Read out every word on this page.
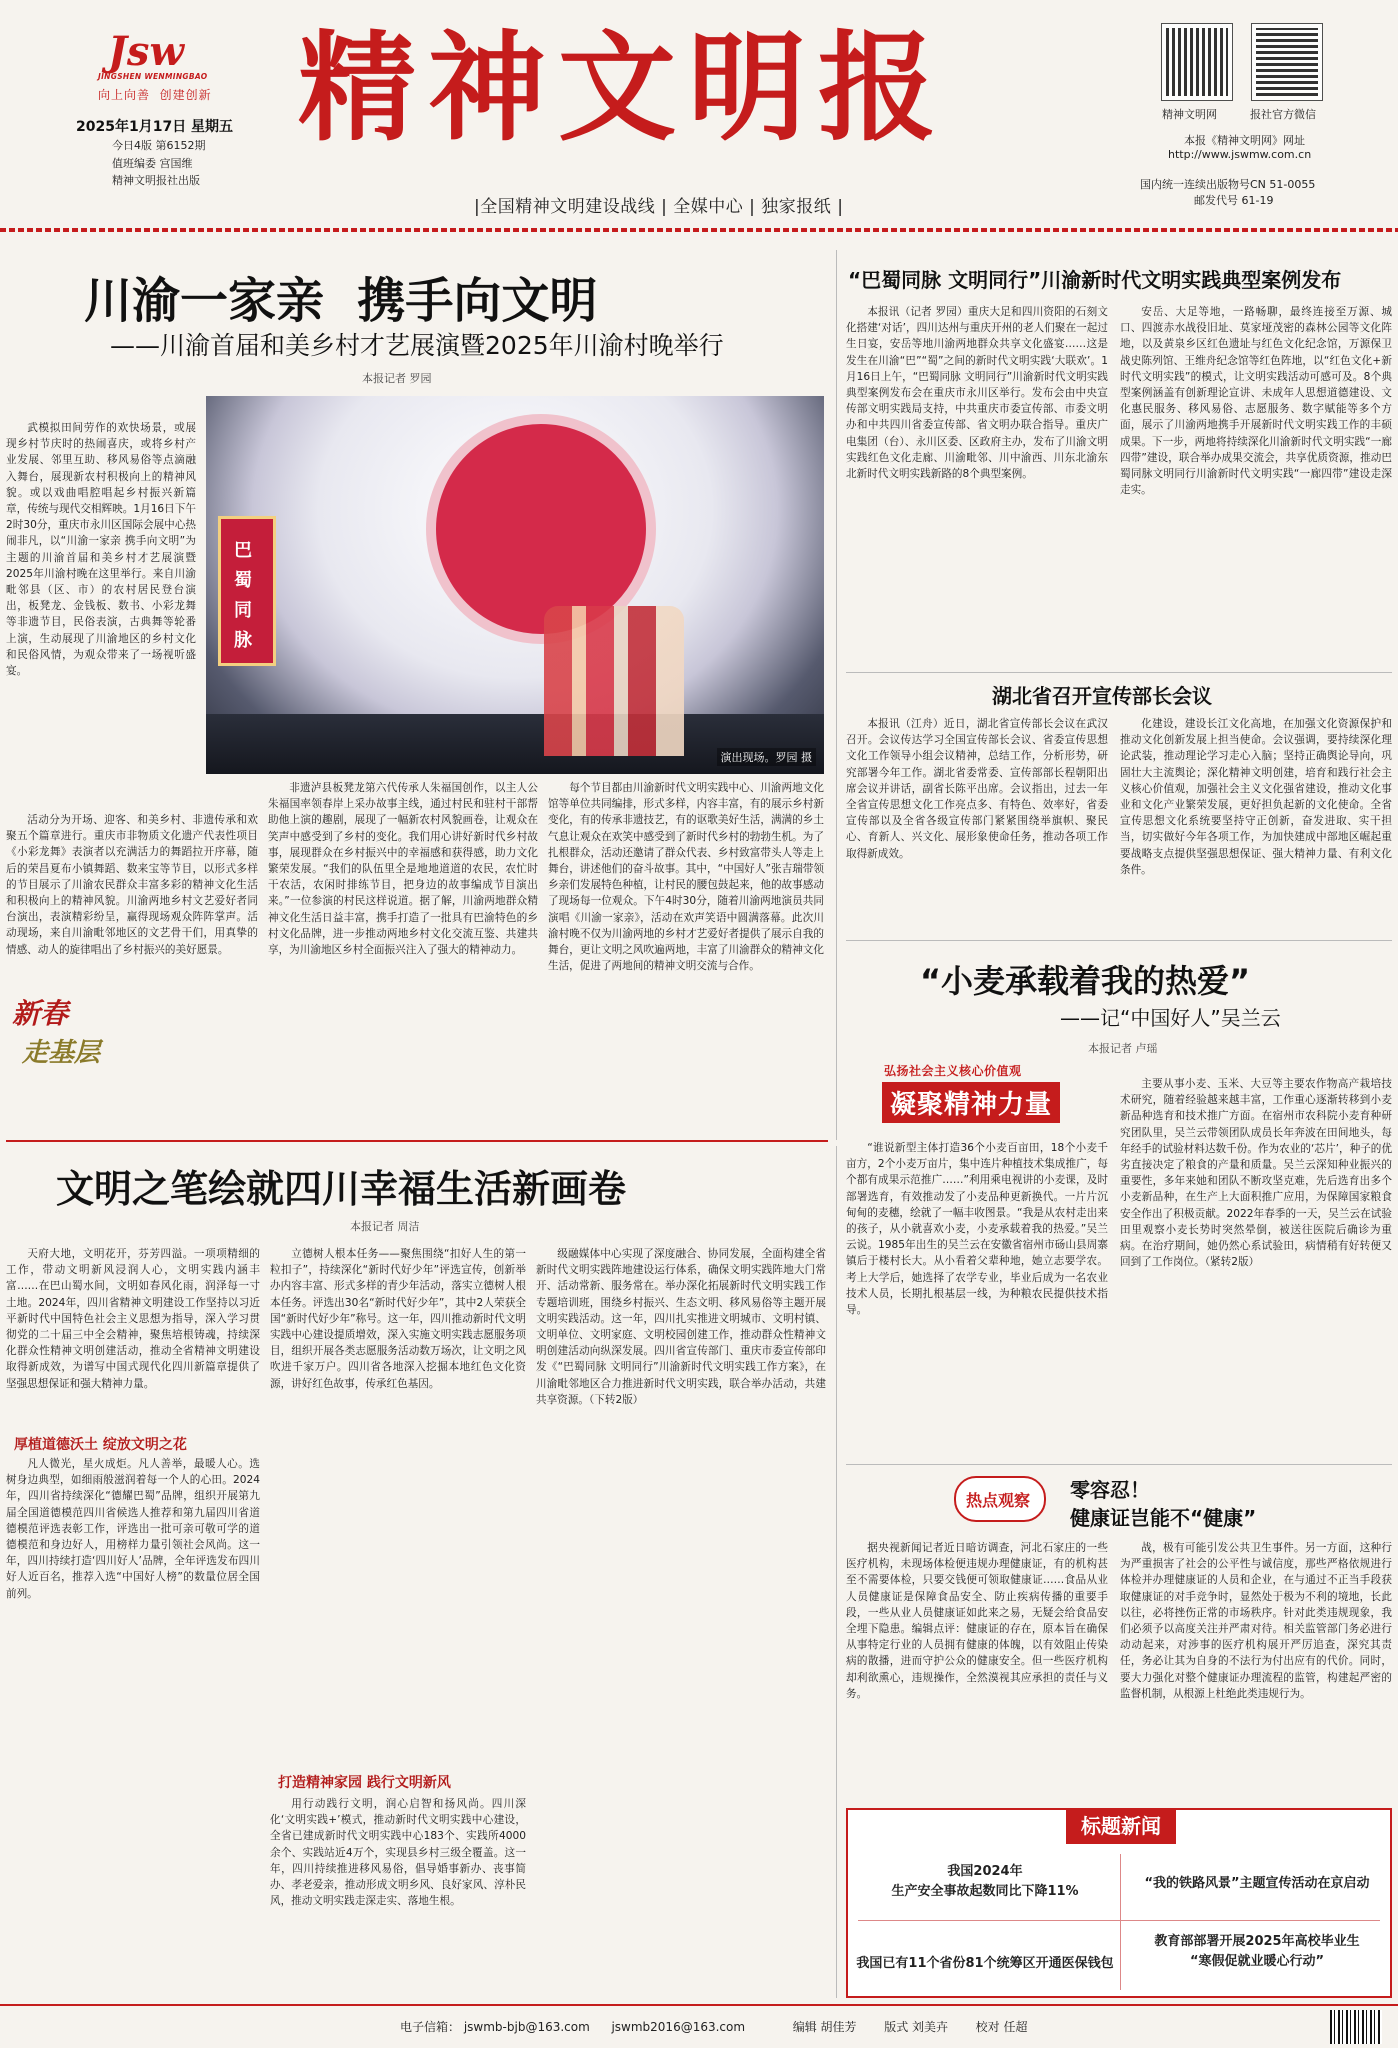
Jsw
JINGSHEN WENMINGBAO
向上向善  创建创新 精神文明报
2025年1月17日 星期五
今日4版 第6152期
值班编委 宫国维
精神文明报社出版
|全国精神文明建设战线 | 全媒中心 | 独家报纸 |
精神文明网	报社官方微信
本报《精神文明网》网址
http://www.jswmw.com.cn
国内统一连续出版物号CN 51-0055
邮发代号 61-19
川渝一家亲  携手向文明
——川渝首届和美乡村才艺展演暨2025年川渝村晚举行
本报记者 罗园

武模拟田间劳作的欢快场景，或展现乡村节庆时的热闹喜庆，或将乡村产业发展、邻里互助、移风易俗等点滴融入舞台，展现新农村积极向上的精神风貌。或以戏曲唱腔唱起乡村振兴新篇章，传统与现代交相辉映。1月16日下午2时30分，重庆市永川区国际会展中心热闹非凡，以“川渝一家亲 携手向文明”为主题的川渝首届和美乡村才艺展演暨2025年川渝村晚在这里举行。来自川渝毗邻县（区、市）的农村居民登台演出，板凳龙、金钱板、数书、小彩龙舞等非遗节目，民俗表演，古典舞等轮番上演，生动展现了川渝地区的乡村文化和民俗风情，为观众带来了一场视听盛宴。

巴蜀同脉
演出现场。罗园 摄

活动分为开场、迎客、和美乡村、非遗传承和欢聚五个篇章进行。重庆市非物质文化遗产代表性项目《小彩龙舞》表演者以充满活力的舞蹈拉开序幕，随后的荣昌夏布小镇舞蹈、数来宝等节目，以形式多样的节目展示了川渝农民群众丰富多彩的精神文化生活和积极向上的精神风貌。川渝两地乡村文艺爱好者同台演出，表演精彩纷呈，赢得现场观众阵阵掌声。活动现场，来自川渝毗邻地区的文艺骨干们，用真挚的情感、动人的旋律唱出了乡村振兴的美好愿景。

新春
走基层

非遗泸县板凳龙第六代传承人朱福国创作，以主人公朱福国率领春岸上采办故事主线，通过村民和驻村干部帮助他上演的趣剧，展现了一幅新农村风貌画卷，让观众在笑声中感受到了乡村的变化。我们用心讲好新时代乡村故事，展现群众在乡村振兴中的幸福感和获得感，助力文化繁荣发展。“我们的队伍里全是地地道道的农民，农忙时干农活，农闲时排练节目，把身边的故事编成节目演出来。”一位参演的村民这样说道。据了解，川渝两地群众精神文化生活日益丰富，携手打造了一批具有巴渝特色的乡村文化品牌，进一步推动两地乡村文化交流互鉴、共建共享，为川渝地区乡村全面振兴注入了强大的精神动力。

每个节目都由川渝新时代文明实践中心、川渝两地文化馆等单位共同编排，形式多样，内容丰富，有的展示乡村新变化，有的传承非遗技艺，有的讴歌美好生活，满满的乡土气息让观众在欢笑中感受到了新时代乡村的勃勃生机。为了扎根群众，活动还邀请了群众代表、乡村致富带头人等走上舞台，讲述他们的奋斗故事。其中，“中国好人”张吉瑞带领乡亲们发展特色种植，让村民的腰包鼓起来，他的故事感动了现场每一位观众。下午4时30分，随着川渝两地演员共同演唱《川渝一家亲》，活动在欢声笑语中圆满落幕。此次川渝村晚不仅为川渝两地的乡村才艺爱好者提供了展示自我的舞台，更让文明之风吹遍两地，丰富了川渝群众的精神文化生活，促进了两地间的精神文明交流与合作。

“巴蜀同脉 文明同行”川渝新时代文明实践典型案例发布

本报讯（记者 罗园）重庆大足和四川资阳的石刻文化搭建‘对话’，四川达州与重庆开州的老人们聚在一起过生日宴，安岳等地川渝两地群众共享文化盛宴……这是发生在川渝“巴”“蜀”之间的新时代文明实践‘大联欢’。1月16日上午，“巴蜀同脉 文明同行”川渝新时代文明实践典型案例发布会在重庆市永川区举行。发布会由中央宣传部文明实践局支持，中共重庆市委宣传部、市委文明办和中共四川省委宣传部、省文明办联合指导。重庆广电集团（台）、永川区委、区政府主办，发布了川渝文明实践红色文化走廊、川渝毗邻、川中渝西、川东北渝东北新时代文明实践新路的8个典型案例。

安岳、大足等地，一路畅聊，最终连接至万源、城口、四渡赤水战役旧址、莫家垭茂密的森林公园等文化阵地，以及黄泉乡区红色遗址与红色文化纪念馆，万源保卫战史陈列馆、王维舟纪念馆等红色阵地，以“红色文化+新时代文明实践”的模式，让文明实践活动可感可及。8个典型案例涵盖有创新理论宣讲、未成年人思想道德建设、文化惠民服务、移风易俗、志愿服务、数字赋能等多个方面，展示了川渝两地携手开展新时代文明实践工作的丰硕成果。下一步，两地将持续深化川渝新时代文明实践“一廊四带”建设，联合举办成果交流会，共享优质资源，推动巴蜀同脉文明同行川渝新时代文明实践“一廊四带”建设走深走实。

湖北省召开宣传部长会议

本报讯（江舟）近日，湖北省宣传部长会议在武汉召开。会议传达学习全国宣传部长会议、省委宣传思想文化工作领导小组会议精神，总结工作，分析形势，研究部署今年工作。湖北省委常委、宣传部部长程朝阳出席会议并讲话，副省长陈平出席。会议指出，过去一年全省宣传思想文化工作亮点多、有特色、效率好，省委宣传部以及全省各级宣传部门紧紧围绕举旗帜、聚民心、育新人、兴文化、展形象使命任务，推动各项工作取得新成效。

化建设，建设长江文化高地，在加强文化资源保护和推动文化创新发展上担当使命。会议强调，要持续深化理论武装，推动理论学习走心入脑；坚持正确舆论导向，巩固壮大主流舆论；深化精神文明创建，培育和践行社会主义核心价值观，加强社会主义文化强省建设，推动文化事业和文化产业繁荣发展，更好担负起新的文化使命。全省宣传思想文化系统要坚持守正创新，奋发进取、实干担当，切实做好今年各项工作，为加快建成中部地区崛起重要战略支点提供坚强思想保证、强大精神力量、有利文化条件。

“小麦承载着我的热爱”
——记“中国好人”吴兰云
本报记者 卢瑶
弘扬社会主义核心价值观
凝聚精神力量

“谁说新型主体打造36个小麦百亩田，18个小麦千亩方，2个小麦万亩片，集中连片种植技术集成推广，每个都有成果示范推广……”利用乘电视讲的小麦课，及时部署选育，有效推动发了小麦品种更新换代。一片片沉甸甸的麦穗，绘就了一幅丰收图景。“我是从农村走出来的孩子，从小就喜欢小麦，小麦承载着我的热爱。”吴兰云说。1985年出生的吴兰云在安徽省宿州市砀山县周寨镇后于楼村长大。从小看着父辈种地，她立志要学农。考上大学后，她选择了农学专业，毕业后成为一名农业技术人员，长期扎根基层一线，为种粮农民提供技术指导。

主要从事小麦、玉米、大豆等主要农作物高产栽培技术研究，随着经验越来越丰富，工作重心逐渐转移到小麦新品种选育和技术推广方面。在宿州市农科院小麦育种研究团队里，吴兰云带领团队成员长年奔波在田间地头，每年经手的试验材料达数千份。作为农业的‘芯片’，种子的优劣直接决定了粮食的产量和质量。吴兰云深知种业振兴的重要性，多年来她和团队不断攻坚克难，先后选育出多个小麦新品种，在生产上大面积推广应用，为保障国家粮食安全作出了积极贡献。2022年春季的一天，吴兰云在试验田里观察小麦长势时突然晕倒，被送往医院后确诊为重病。在治疗期间，她仍然心系试验田，病情稍有好转便又回到了工作岗位。（紧转2版）

文明之笔绘就四川幸福生活新画卷
本报记者 周洁

天府大地，文明花开，芬芳四溢。一项项精细的工作，带动文明新风浸润人心，文明实践内涵丰富……在巴山蜀水间，文明如春风化雨，润泽每一寸土地。2024年，四川省精神文明建设工作坚持以习近平新时代中国特色社会主义思想为指导，深入学习贯彻党的二十届三中全会精神，聚焦培根铸魂，持续深化群众性精神文明创建活动，推动全省精神文明建设取得新成效，为谱写中国式现代化四川新篇章提供了坚强思想保证和强大精神力量。

厚植道德沃土 绽放文明之花

凡人微光，星火成炬。凡人善举，最暖人心。选树身边典型，如细雨般滋润着每一个人的心田。2024年，四川省持续深化“德耀巴蜀”品牌，组织开展第九届全国道德模范四川省候选人推荐和第九届四川省道德模范评选表彰工作，评选出一批可亲可敬可学的道德模范和身边好人，用榜样力量引领社会风尚。这一年，四川持续打造‘四川好人’品牌，全年评选发布四川好人近百名，推荐入选“中国好人榜”的数量位居全国前列。

立德树人根本任务——聚焦围绕“扣好人生的第一粒扣子”，持续深化“新时代好少年”评选宣传，创新举办内容丰富、形式多样的青少年活动，落实立德树人根本任务。评选出30名“新时代好少年”，其中2人荣获全国“新时代好少年”称号。这一年，四川推动新时代文明实践中心建设提质增效，深入实施文明实践志愿服务项目，组织开展各类志愿服务活动数万场次，让文明之风吹进千家万户。四川省各地深入挖掘本地红色文化资源，讲好红色故事，传承红色基因。

打造精神家园 践行文明新风

用行动践行文明，润心启智和扬风尚。四川深化‘文明实践+’模式，推动新时代文明实践中心建设，全省已建成新时代文明实践中心183个、实践所4000余个、实践站近4万个，实现县乡村三级全覆盖。这一年，四川持续推进移风易俗，倡导婚事新办、丧事简办、孝老爱亲，推动形成文明乡风、良好家风、淳朴民风，推动文明实践走深走实、落地生根。

级融媒体中心实现了深度融合、协同发展，全面构建全省新时代文明实践阵地建设运行体系，确保文明实践阵地大门常开、活动常新、服务常在。举办深化拓展新时代文明实践工作专题培训班，围绕乡村振兴、生态文明、移风易俗等主题开展文明实践活动。这一年，四川扎实推进文明城市、文明村镇、文明单位、文明家庭、文明校园创建工作，推动群众性精神文明创建活动向纵深发展。四川省宣传部门、重庆市委宣传部印发《“巴蜀同脉 文明同行”川渝新时代文明实践工作方案》，在川渝毗邻地区合力推进新时代文明实践，联合举办活动，共建共享资源。（下转2版）

热点观察 零容忍！
健康证岂能不“健康”

据央视新闻记者近日暗访调查，河北石家庄的一些医疗机构，未现场体检便违规办理健康证，有的机构甚至不需要体检，只要交钱便可领取健康证……食品从业人员健康证是保障食品安全、防止疾病传播的重要手段，一些从业人员健康证如此来之易，无疑会给食品安全埋下隐患。编辑点评：健康证的存在，原本旨在确保从事特定行业的人员拥有健康的体魄，以有效阻止传染病的散播，进而守护公众的健康安全。但一些医疗机构却利欲熏心，违规操作，全然漠视其应承担的责任与义务。

战，极有可能引发公共卫生事件。另一方面，这种行为严重损害了社会的公平性与诚信度，那些严格依规进行体检并办理健康证的人员和企业，在与通过不正当手段获取健康证的对手竞争时，显然处于极为不利的境地，长此以往，必将挫伤正常的市场秩序。针对此类违规现象，我们必须予以高度关注并严肃对待。相关监管部门务必进行动动起来，对涉事的医疗机构展开严厉追查，深究其责任，务必让其为自身的不法行为付出应有的代价。同时，要大力强化对整个健康证办理流程的监管，构建起严密的监督机制，从根源上杜绝此类违规行为。

标题新闻
我国2024年
生产安全事故起数同比下降11%
“我的铁路风景”主题宣传活动在京启动
我国已有11个省份81个统筹区开通医保钱包
教育部部署开展2025年高校毕业生
“寒假促就业暖心行动”
电子信箱： jswmb-bjb@163.com jswmb2016@163.com	编辑 胡佳芳 版式 刘美卉 校对 任超
